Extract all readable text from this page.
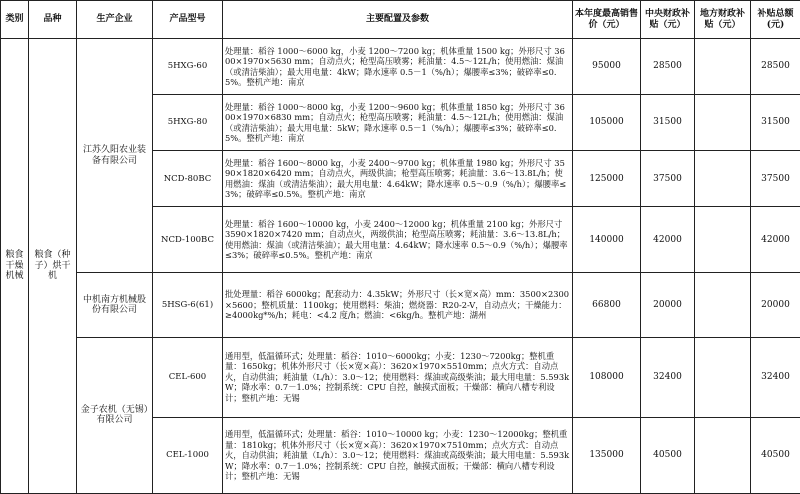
类别	品种	生产企业	产品型号	主要配置及参数	本年度最高销售价（元）	中央财政补贴（元）	地方财政补贴（元）	补贴总额(元)
粮食干燥机械	粮食（种子）烘干机	江苏久阳农业装备有限公司	5HXG-60	处理量：稻谷 1000～6000 kg，小麦 1200～7200 kg；机体重量 1500 kg；外形尺寸 3600×1970×5630 mm；自动点火；枪型高压喷雾；耗油量：4.5～12L/h；使用燃油：煤油（或清洁柴油）；最大用电量：4kW；降水速率 0.5－1（%/h）；爆腰率≤3%；破碎率≤0.5%。整机产地：南京	95000	28500		28500
			5HXG-80	处理量：稻谷 1000～8000 kg，小麦 1200～9600 kg；机体重量 1850 kg；外形尺寸 3600×1970×6830 mm；自动点火；枪型高压喷雾；耗油量：4.5～12L/h；使用燃油：煤油（或清洁柴油）；最大用电量：5kW；降水速率 0.5－1（%/h）；爆腰率≤3%；破碎率≤0.5%。整机产地：南京	105000	31500		31500
			NCD-80BC	处理量：稻谷 1600～8000 kg，小麦 2400～9700 kg；机体重量 1980 kg；外形尺寸 3590×1820×6420 mm；自动点火，两级供油；枪型高压喷雾；耗油量：3.6～13.8L/h；使用燃油：煤油（或清洁柴油）；最大用电量：4.64kW；降水速率 0.5～0.9（%/h）；爆腰率≤3%；破碎率≤0.5%。整机产地：南京	125000	37500		37500
			NCD-100BC	处理量：稻谷 1600～10000 kg，小麦 2400～12000 kg；机体重量 2100 kg；外形尺寸 3590×1820×7420 mm；自动点火，两级供油；枪型高压喷雾；耗油量：3.6～13.8L/h；使用燃油：煤油（或清洁柴油）；最大用电量：4.64kW；降水速率 0.5～0.9（%/h）；爆腰率≤3%；破碎率≤0.5%。整机产地：南京	140000	42000		42000
		中机南方机械股份有限公司	5HSG-6(61)	批处理量：稻谷 6000kg；配套动力：4.35kW；外形尺寸（长×宽×高）mm：3500×2300×5600；整机质量：1100kg；使用燃料：柴油；燃烧器：R20-2-V，自动点火；干燥能力：≥4000kg*%/h；耗电：<4.2 度/h；燃油：<6kg/h。整机产地：湖州	66800	20000		20000
		金子农机（无锡）有限公司	CEL-600	通用型，低温循环式；处理量：稻谷：1010～6000kg；小麦：1230～7200kg；整机重量：1650kg；机体外形尺寸（长×宽×高）：3620×1970×5510mm；点火方式：自动点火，自动供油；耗油量（L/h）：3.0～12；使用燃料：煤油或高级柴油；最大用电量：5.593kW；降水率：0.7－1.0%；控制系统：CPU 自控，触摸式面板；干燥部：横向八槽专利设计；整机产地：无锡	108000	32400		32400
			CEL-1000	通用型，低温循环式；处理量：稻谷：1010～10000 kg；小麦：1230～12000kg；整机重量：1810kg；机体外形尺寸（长×宽×高）：3620×1970×7510mm；点火方式：自动点火，自动供油；耗油量（L/h）：3.0～12；使用燃料：煤油或高级柴油；最大用电量：5.593kW；降水率：0.7－1.0%；控制系统：CPU 自控，触摸式面板；干燥部：横向八槽专利设计；整机产地：无锡	135000	40500		40500
